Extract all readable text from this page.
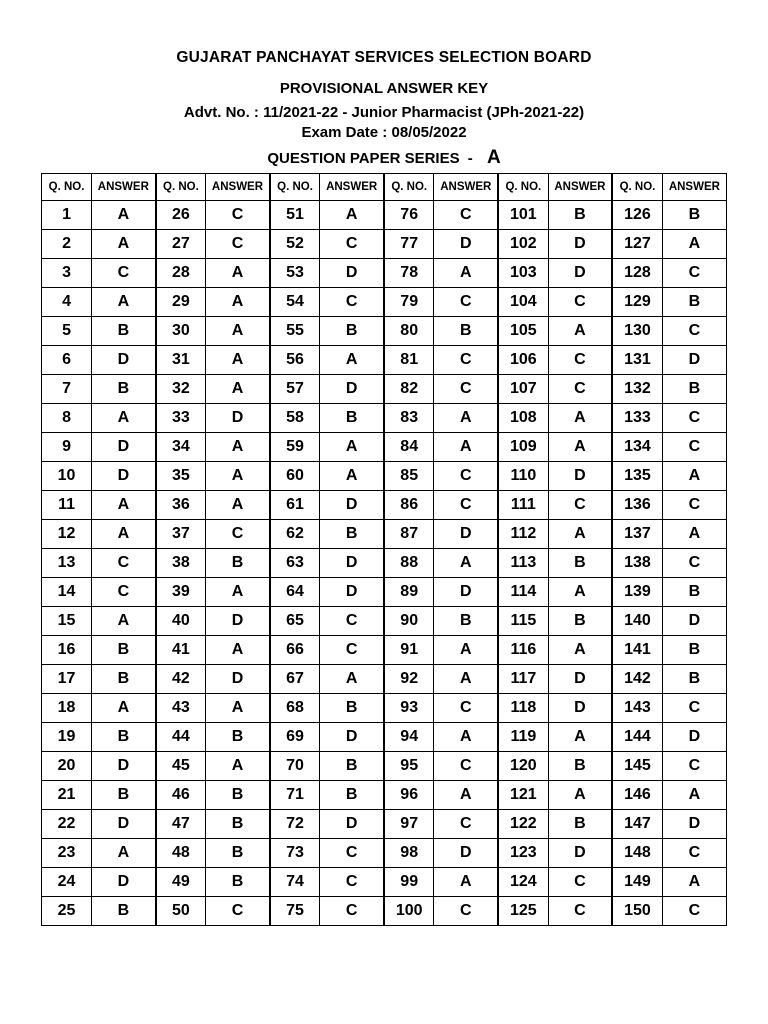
GUJARAT PANCHAYAT SERVICES SELECTION BOARD
PROVISIONAL ANSWER KEY
Advt. No. : 11/2021-22 - Junior Pharmacist (JPh-2021-22)
Exam Date : 08/05/2022
QUESTION PAPER SERIES - A
Q. NO.	ANSWER	Q. NO.	ANSWER	Q. NO.	ANSWER	Q. NO.	ANSWER	Q. NO.	ANSWER	Q. NO.	ANSWER
1	A	26	C	51	A	76	C	101	B	126	B
2	A	27	C	52	C	77	D	102	D	127	A
3	C	28	A	53	D	78	A	103	D	128	C
4	A	29	A	54	C	79	C	104	C	129	B
5	B	30	A	55	B	80	B	105	A	130	C
6	D	31	A	56	A	81	C	106	C	131	D
7	B	32	A	57	D	82	C	107	C	132	B
8	A	33	D	58	B	83	A	108	A	133	C
9	D	34	A	59	A	84	A	109	A	134	C
10	D	35	A	60	A	85	C	110	D	135	A
11	A	36	A	61	D	86	C	111	C	136	C
12	A	37	C	62	B	87	D	112	A	137	A
13	C	38	B	63	D	88	A	113	B	138	C
14	C	39	A	64	D	89	D	114	A	139	B
15	A	40	D	65	C	90	B	115	B	140	D
16	B	41	A	66	C	91	A	116	A	141	B
17	B	42	D	67	A	92	A	117	D	142	B
18	A	43	A	68	B	93	C	118	D	143	C
19	B	44	B	69	D	94	A	119	A	144	D
20	D	45	A	70	B	95	C	120	B	145	C
21	B	46	B	71	B	96	A	121	A	146	A
22	D	47	B	72	D	97	C	122	B	147	D
23	A	48	B	73	C	98	D	123	D	148	C
24	D	49	B	74	C	99	A	124	C	149	A
25	B	50	C	75	C	100	C	125	C	150	C
